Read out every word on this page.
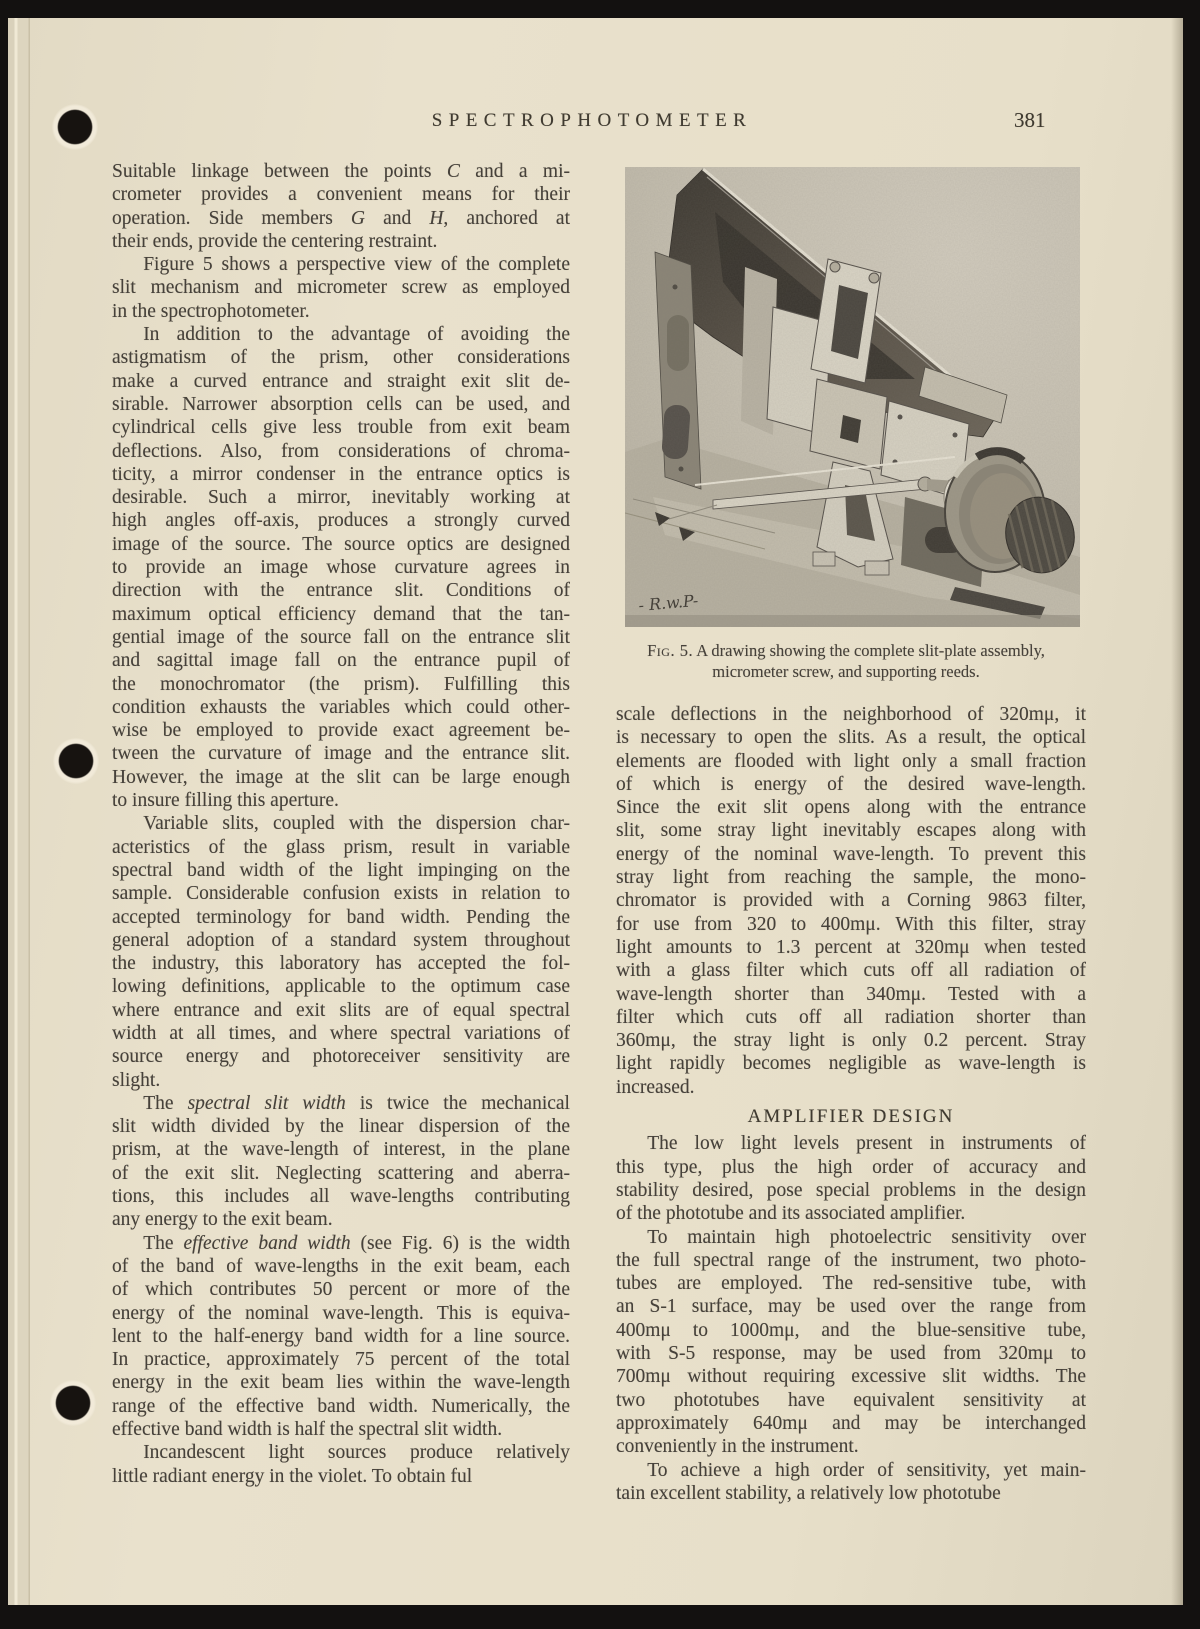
SPECTROPHOTOMETER	381
Suitable linkage between the points C and a mi-
crometer provides a convenient means for their
operation. Side members G and H, anchored at
their ends, provide the centering restraint.
Figure 5 shows a perspective view of the complete
slit mechanism and micrometer screw as employed
in the spectrophotometer.
In addition to the advantage of avoiding the
astigmatism of the prism, other considerations
make a curved entrance and straight exit slit de-
sirable. Narrower absorption cells can be used, and
cylindrical cells give less trouble from exit beam
deflections. Also, from considerations of chroma-
ticity, a mirror condenser in the entrance optics is
desirable. Such a mirror, inevitably working at
high angles off-axis, produces a strongly curved
image of the source. The source optics are designed
to provide an image whose curvature agrees in
direction with the entrance slit. Conditions of
maximum optical efficiency demand that the tan-
gential image of the source fall on the entrance slit
and sagittal image fall on the entrance pupil of
the monochromator (the prism). Fulfilling this
condition exhausts the variables which could other-
wise be employed to provide exact agreement be-
tween the curvature of image and the entrance slit.
However, the image at the slit can be large enough
to insure filling this aperture.
Variable slits, coupled with the dispersion char-
acteristics of the glass prism, result in variable
spectral band width of the light impinging on the
sample. Considerable confusion exists in relation to
accepted terminology for band width. Pending the
general adoption of a standard system throughout
the industry, this laboratory has accepted the fol-
lowing definitions, applicable to the optimum case
where entrance and exit slits are of equal spectral
width at all times, and where spectral variations of
source energy and photoreceiver sensitivity are
slight.
The spectral slit width is twice the mechanical
slit width divided by the linear dispersion of the
prism, at the wave-length of interest, in the plane
of the exit slit. Neglecting scattering and aberra-
tions, this includes all wave-lengths contributing
any energy to the exit beam.
The effective band width (see Fig. 6) is the width
of the band of wave-lengths in the exit beam, each
of which contributes 50 percent or more of the
energy of the nominal wave-length. This is equiva-
lent to the half-energy band width for a line source.
In practice, approximately 75 percent of the total
energy in the exit beam lies within the wave-length
range of the effective band width. Numerically, the
effective band width is half the spectral slit width.
Incandescent light sources produce relatively
little radiant energy in the violet. To obtain ful
- R.w.P-
Fig. 5. A drawing showing the complete slit-plate assembly,
micrometer screw, and supporting reeds.
scale deflections in the neighborhood of 320mμ, it
is necessary to open the slits. As a result, the optical
elements are flooded with light only a small fraction
of which is energy of the desired wave-length.
Since the exit slit opens along with the entrance
slit, some stray light inevitably escapes along with
energy of the nominal wave-length. To prevent this
stray light from reaching the sample, the mono-
chromator is provided with a Corning 9863 filter,
for use from 320 to 400mμ. With this filter, stray
light amounts to 1.3 percent at 320mμ when tested
with a glass filter which cuts off all radiation of
wave-length shorter than 340mμ. Tested with a
filter which cuts off all radiation shorter than
360mμ, the stray light is only 0.2 percent. Stray
light rapidly becomes negligible as wave-length is
increased.
AMPLIFIER DESIGN
The low light levels present in instruments of
this type, plus the high order of accuracy and
stability desired, pose special problems in the design
of the phototube and its associated amplifier.
To maintain high photoelectric sensitivity over
the full spectral range of the instrument, two photo-
tubes are employed. The red-sensitive tube, with
an S-1 surface, may be used over the range from
400mμ to 1000mμ, and the blue-sensitive tube,
with S-5 response, may be used from 320mμ to
700mμ without requiring excessive slit widths. The
two phototubes have equivalent sensitivity at
approximately 640mμ and may be interchanged
conveniently in the instrument.
To achieve a high order of sensitivity, yet main-
tain excellent stability, a relatively low phototube
